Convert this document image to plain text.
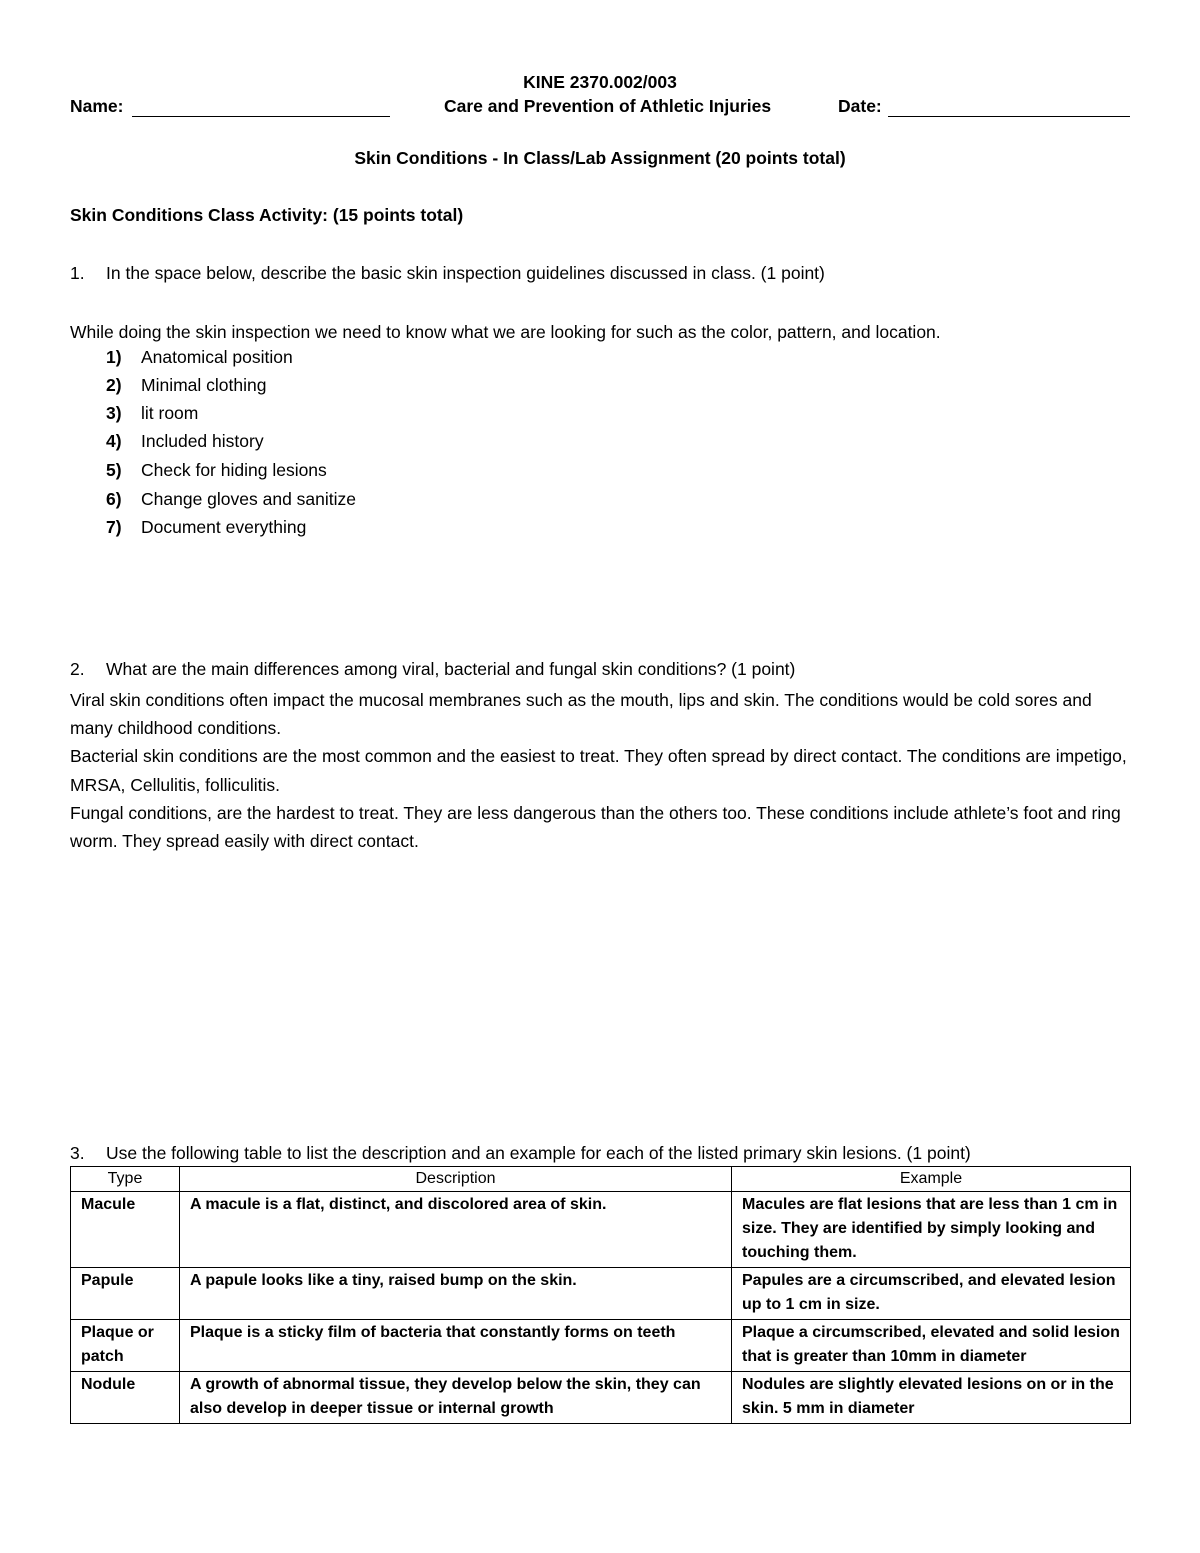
KINE 2370.002/003
Name:	Care and Prevention of Athletic Injuries	Date:
Skin Conditions - In Class/Lab Assignment (20 points total)
Skin Conditions Class Activity: (15 points total)
1. In the space below, describe the basic skin inspection guidelines discussed in class. (1 point)
While doing the skin inspection we need to know what we are looking for such as the color, pattern, and location.
1) Anatomical position
2) Minimal clothing
3) lit room
4) Included history
5) Check for hiding lesions
6) Change gloves and sanitize
7) Document everything
2. What are the main differences among viral, bacterial and fungal skin conditions? (1 point)
Viral skin conditions often impact the mucosal membranes such as the mouth, lips and skin. The conditions would be cold sores and many childhood conditions.
Bacterial skin conditions are the most common and the easiest to treat. They often spread by direct contact. The conditions are impetigo, MRSA, Cellulitis, folliculitis.
Fungal conditions, are the hardest to treat. They are less dangerous than the others too. These conditions include athlete’s foot and ring worm. They spread easily with direct contact.
3. Use the following table to list the description and an example for each of the listed primary skin lesions. (1 point)
Type	Description	Example
Macule	A macule is a flat, distinct, and discolored area of skin.	Macules are flat lesions that are less than 1 cm in size. They are identified by simply looking and touching them.
Papule	A papule looks like a tiny, raised bump on the skin.	Papules are a circumscribed, and elevated lesion up to 1 cm in size.
Plaque or patch	Plaque is a sticky film of bacteria that constantly forms on teeth	Plaque a circumscribed, elevated and solid lesion that is greater than 10mm in diameter
Nodule	A growth of abnormal tissue, they develop below the skin, they can also develop in deeper tissue or internal growth	Nodules are slightly elevated lesions on or in the skin. 5 mm in diameter
